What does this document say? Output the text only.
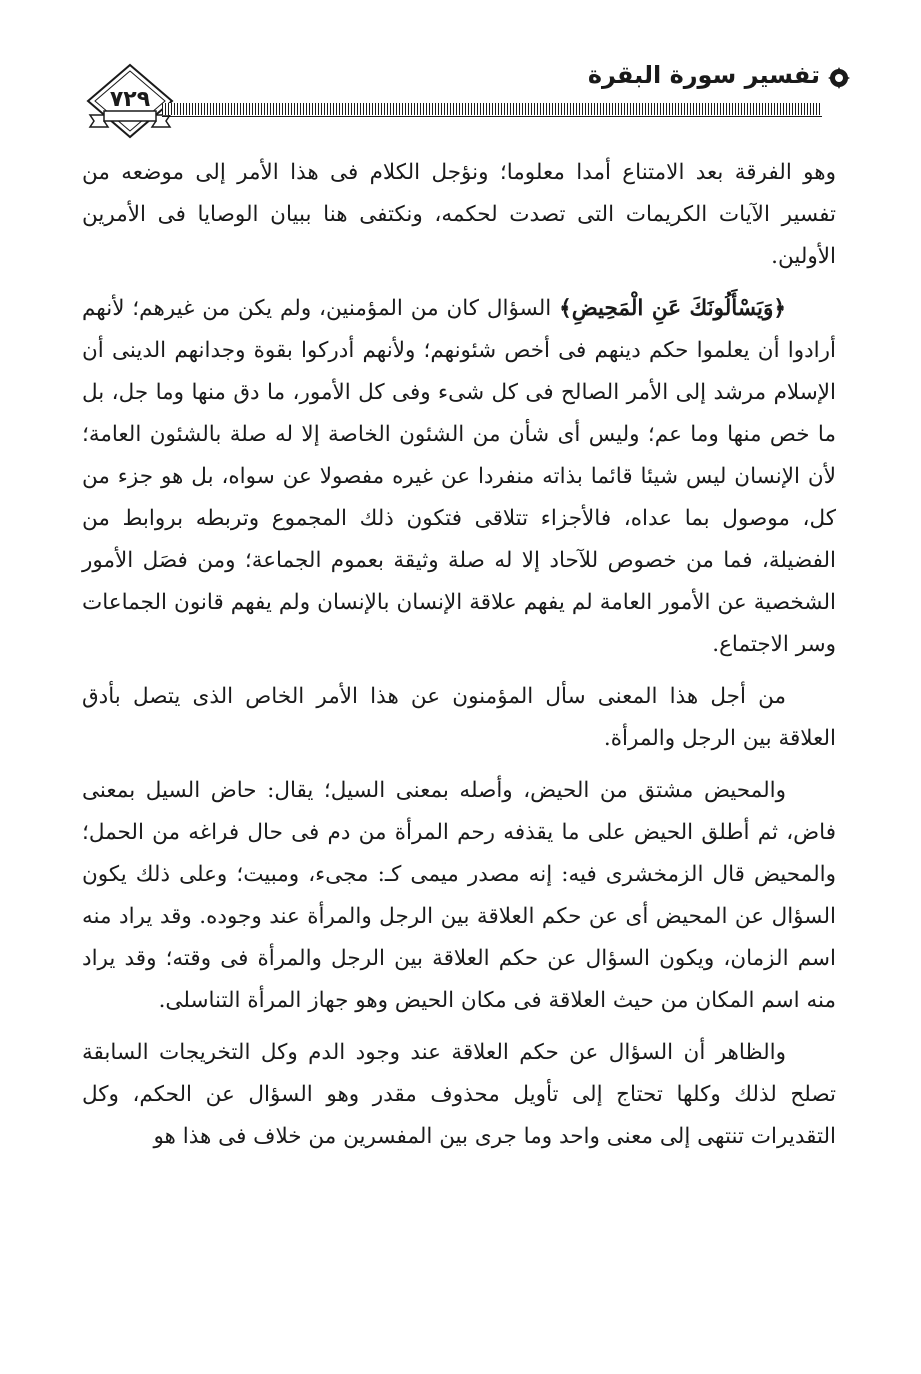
٧٢٩
تفسير سورة البقرة

وهو الفرقة بعد الامتناع أمدا معلوما؛ ونؤجل الكلام فى هذا الأمر إلى موضعه من تفسير الآيات الكريمات التى تصدت لحكمه، ونكتفى هنا ببيان الوصايا فى الأمرين الأولين.

﴿وَيَسْأَلُونَكَ عَنِ الْمَحِيضِ﴾ السؤال كان من المؤمنين، ولم يكن من غيرهم؛ لأنهم أرادوا أن يعلموا حكم دينهم فى أخص شئونهم؛ ولأنهم أدركوا بقوة وجدانهم الدينى أن الإسلام مرشد إلى الأمر الصالح فى كل شىء وفى كل الأمور، ما دق منها وما جل، بل ما خص منها وما عم؛ وليس أى شأن من الشئون الخاصة إلا له صلة بالشئون العامة؛ لأن الإنسان ليس شيئا قائما بذاته منفردا عن غيره مفصولا عن سواه، بل هو جزء من كل، موصول بما عداه، فالأجزاء تتلاقى فتكون ذلك المجموع وتربطه بروابط من الفضيلة، فما من خصوص للآحاد إلا له صلة وثيقة بعموم الجماعة؛ ومن فصَل الأمور الشخصية عن الأمور العامة لم يفهم علاقة الإنسان بالإنسان ولم يفهم قانون الجماعات وسر الاجتماع.

من أجل هذا المعنى سأل المؤمنون عن هذا الأمر الخاص الذى يتصل بأدق العلاقة بين الرجل والمرأة.

والمحيض مشتق من الحيض، وأصله بمعنى السيل؛ يقال: حاض السيل بمعنى فاض، ثم أطلق الحيض على ما يقذفه رحم المرأة من دم فى حال فراغه من الحمل؛ والمحيض قال الزمخشرى فيه: إنه مصدر ميمى كـ: مجىء، ومبيت؛ وعلى ذلك يكون السؤال عن المحيض أى عن حكم العلاقة بين الرجل والمرأة عند وجوده. وقد يراد منه اسم الزمان، ويكون السؤال عن حكم العلاقة بين الرجل والمرأة فى وقته؛ وقد يراد منه اسم المكان من حيث العلاقة فى مكان الحيض وهو جهاز المرأة التناسلى.

والظاهر أن السؤال عن حكم العلاقة عند وجود الدم وكل التخريجات السابقة تصلح لذلك وكلها تحتاج إلى تأويل محذوف مقدر وهو السؤال عن الحكم، وكل التقديرات تنتهى إلى معنى واحد وما جرى بين المفسرين من خلاف فى هذا هو
